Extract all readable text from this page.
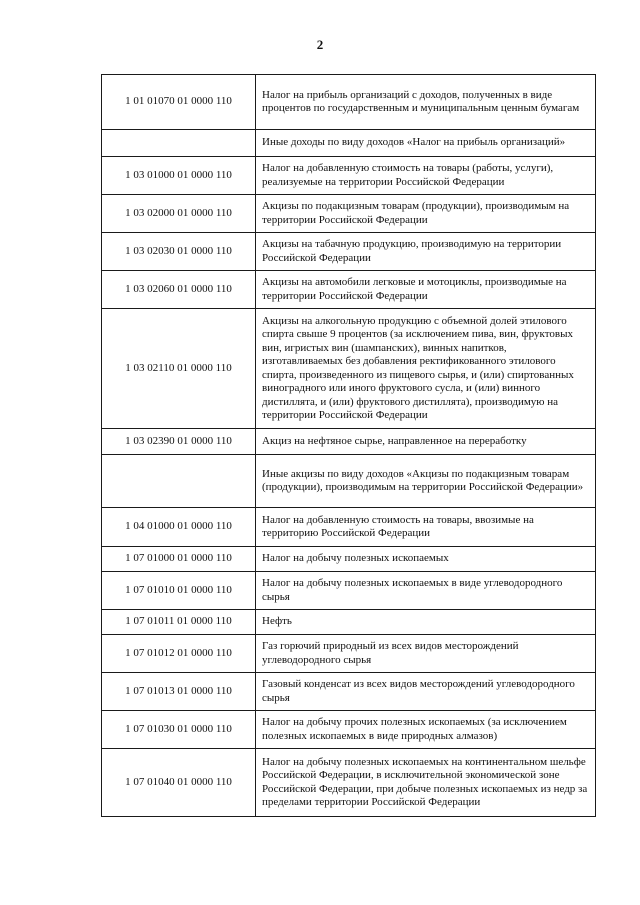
2
1 01 01070 01 0000 110	Налог на прибыль организаций с доходов, полученных в виде процентов по государственным и муниципальным ценным бумагам
	Иные доходы по виду доходов «Налог на прибыль организаций»
1 03 01000 01 0000 110	Налог на добавленную стоимость на товары (работы, услуги), реализуемые на территории Российской Федерации
1 03 02000 01 0000 110	Акцизы по подакцизным товарам (продукции), производимым на территории Российской Федерации
1 03 02030 01 0000 110	Акцизы на табачную продукцию, производимую на территории Российской Федерации
1 03 02060 01 0000 110	Акцизы на автомобили легковые и мотоциклы, производимые на территории Российской Федерации
1 03 02110 01 0000 110	Акцизы на алкогольную продукцию с объемной долей этилового спирта свыше 9 процентов (за исключением пива, вин, фруктовых вин, игристых вин (шампанских), винных напитков, изготавливаемых без добавления ректификованного этилового спирта, произведенного из пищевого сырья, и (или) спиртованных виноградного или иного фруктового сусла, и (или) винного дистиллята, и (или) фруктового дистиллята), производимую на территории Российской Федерации
1 03 02390 01 0000 110	Акциз на нефтяное сырье, направленное на переработку
	Иные акцизы по виду доходов «Акцизы по подакцизным товарам (продукции), производимым на территории Российской Федерации»
1 04 01000 01 0000 110	Налог на добавленную стоимость на товары, ввозимые на территорию Российской Федерации
1 07 01000 01 0000 110	Налог на добычу полезных ископаемых
1 07 01010 01 0000 110	Налог на добычу полезных ископаемых в виде углеводородного сырья
1 07 01011 01 0000 110	Нефть
1 07 01012 01 0000 110	Газ горючий природный из всех видов месторождений углеводородного сырья
1 07 01013 01 0000 110	Газовый конденсат из всех видов месторождений углеводородного сырья
1 07 01030 01 0000 110	Налог на добычу прочих полезных ископаемых (за исключением полезных ископаемых в виде природных алмазов)
1 07 01040 01 0000 110	Налог на добычу полезных ископаемых на континентальном шельфе Российской Федерации, в исключительной экономической зоне Российской Федерации, при добыче полезных ископаемых из недр за пределами территории Российской Федерации
